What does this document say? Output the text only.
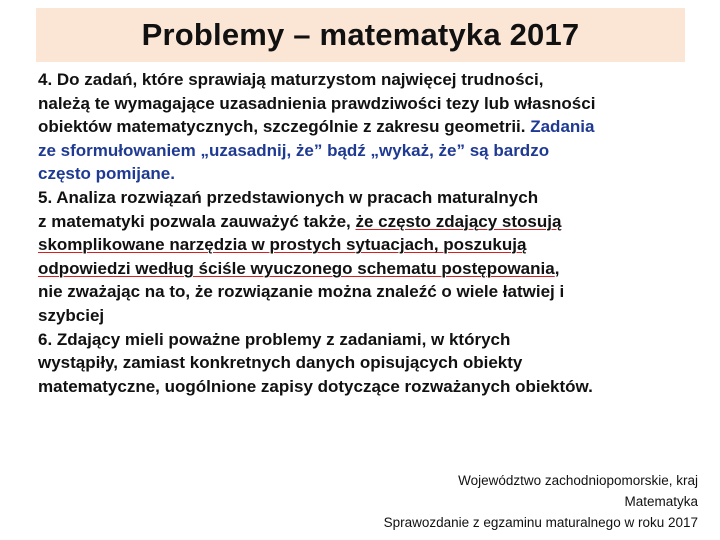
Problemy – matematyka 2017
4. Do zadań, które sprawiają maturzystom najwięcej trudności,
należą te wymagające uzasadnienia prawdziwości tezy lub własności
obiektów matematycznych, szczególnie z zakresu geometrii. Zadania
ze sformułowaniem „uzasadnij, że” bądź „wykaż, że” są bardzo
często pomijane.
5. Analiza rozwiązań przedstawionych w pracach maturalnych
z matematyki pozwala zauważyć także, że często zdający stosują
skomplikowane narzędzia w prostych sytuacjach, poszukują
odpowiedzi według ściśle wyuczonego schematu postępowania,
nie zważając na to, że rozwiązanie można znaleźć o wiele łatwiej i
szybciej
6. Zdający mieli poważne problemy z zadaniami, w których
wystąpiły, zamiast konkretnych danych opisujących obiekty
matematyczne, uogólnione zapisy dotyczące rozważanych obiektów.
Województwo zachodniopomorskie, kraj
Matematyka
Sprawozdanie z egzaminu maturalnego w roku 2017
